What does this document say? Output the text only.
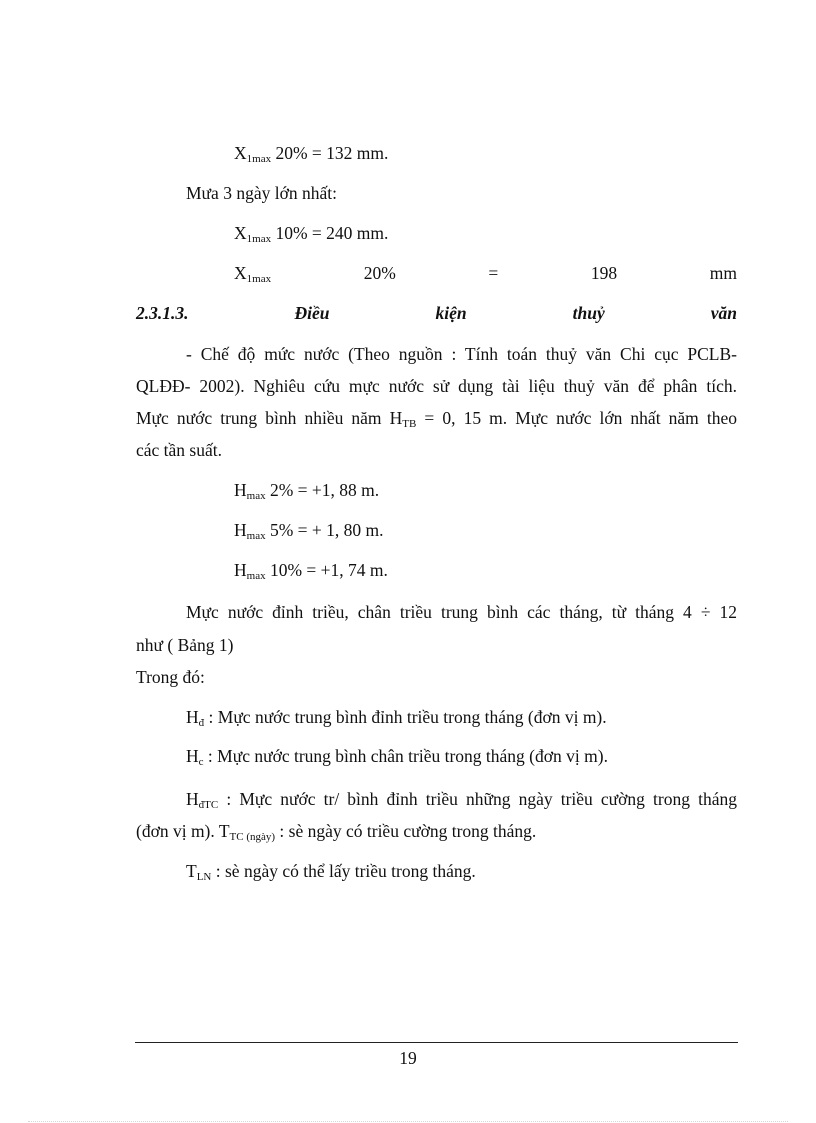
$X_{1max}$ 20% = 132 mm.
Mưa 3 ngày lớn nhất:
$X_{1max}$ 10% = 240 mm.
$X_{1max}$	20%	=	198	mm
2.3.1.3.	Điều	kiện	thuỷ	văn
- Chế độ mức nước (Theo nguồn : Tính toán thuỷ văn Chi cục PCLB-
QLĐĐ- 2002). Nghiêu cứu mực nước sử dụng tài liệu thuỷ văn để phân tích.
Mực nước trung bình nhiều năm $H_{TB} = 0$, 15 m. Mực nước lớn nhất năm theo
các tần suất.
$H_{max}$ 2% = +1, 88 m.
$H_{max}$ 5% = + 1, 80 m.
$H_{max}$ 10% = +1, 74 m.
Mực nước đỉnh triều, chân triều trung bình các tháng, từ tháng 4 ÷ 12
như ( Bảng 1)
Trong đó:
$H_đ$ : Mực nước trung bình đỉnh triều trong tháng (đơn vị m).
$H_c$ : Mực nước trung bình chân triều trong tháng (đơn vị m).
$H_{đTC}$ : Mực nước tr/ bình đỉnh triều những ngày triều cường trong tháng
(đơn vị m). $T_{TC (ngày)}$ : sè ngày có triều cường trong tháng.
$T_{LN}$ : sè ngày có thể lấy triều trong tháng.
19
